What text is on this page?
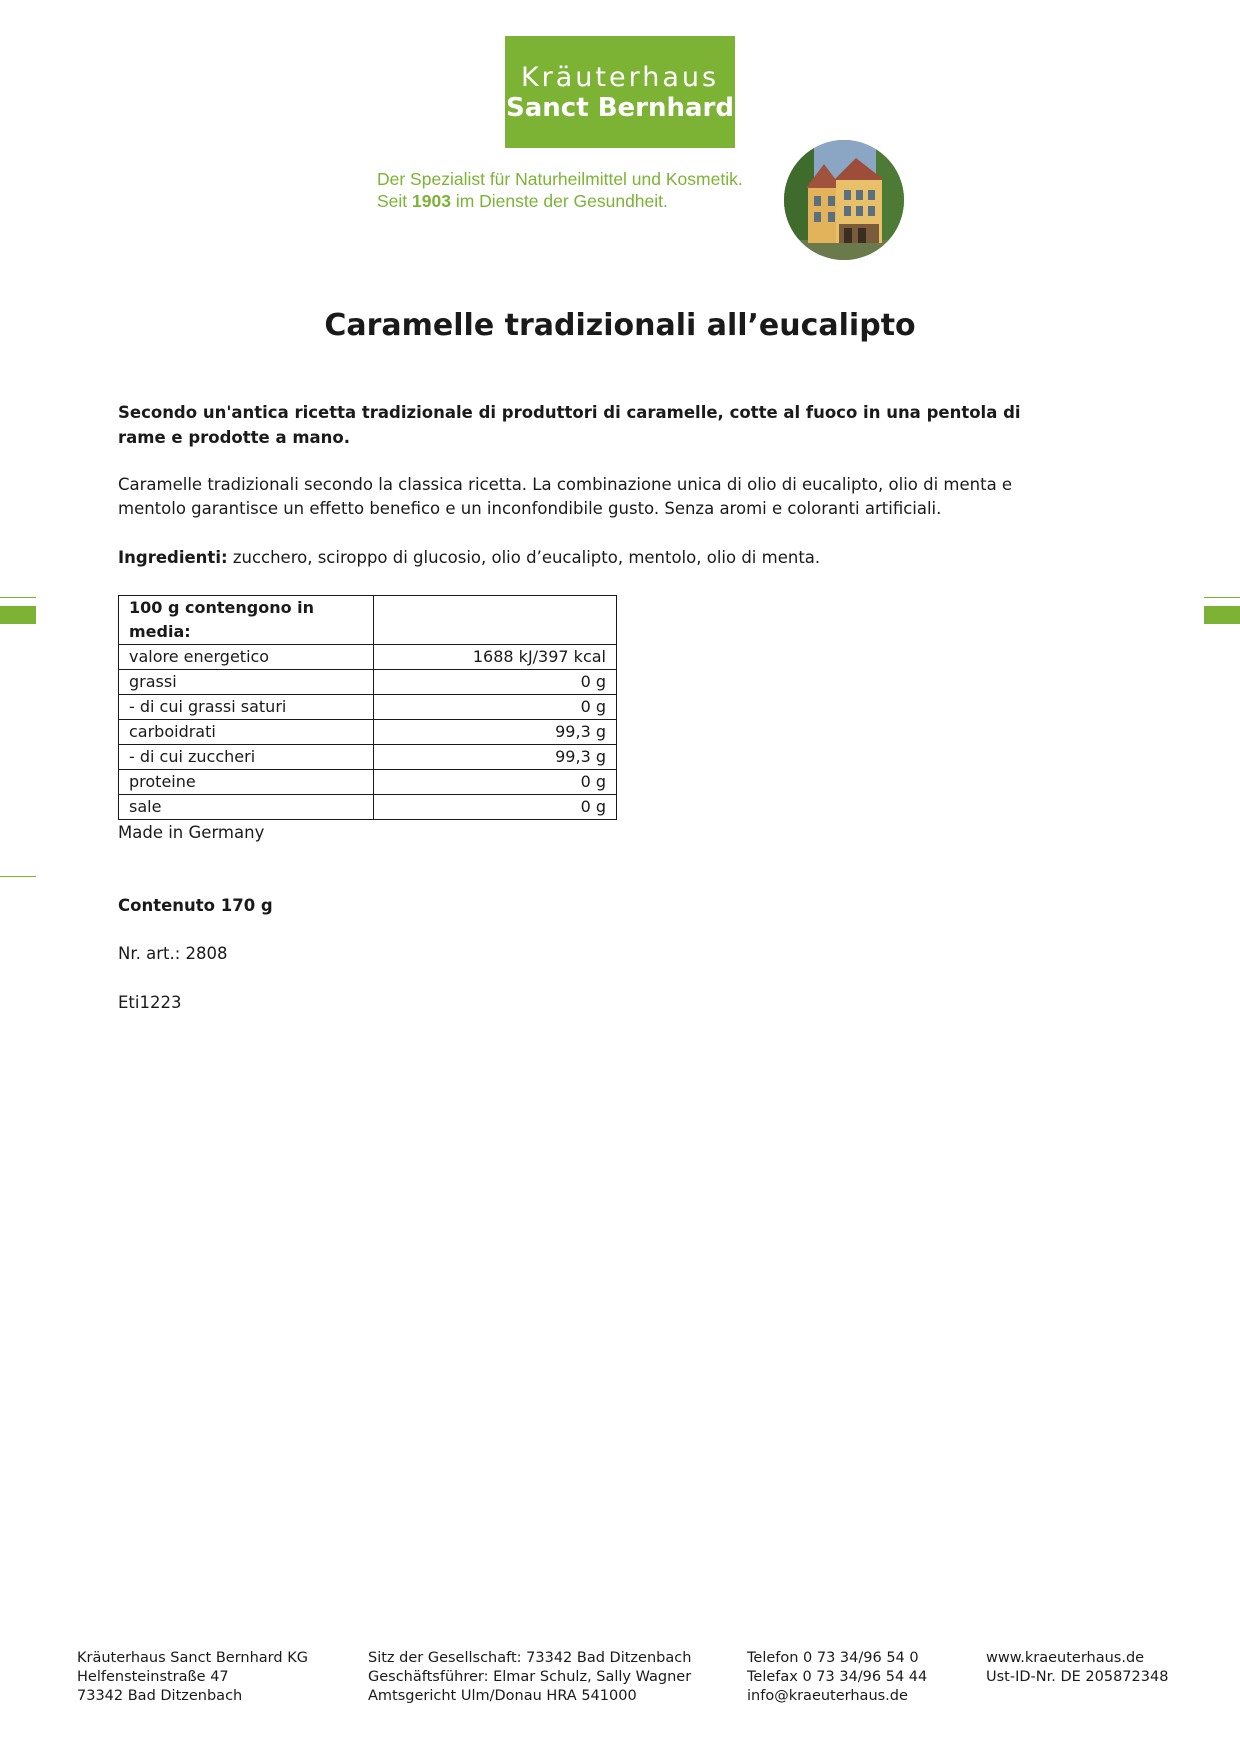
Kräuterhaus
Sanct Bernhard
Der Spezialist für Naturheilmittel und Kosmetik.
Seit 1903 im Dienste der Gesundheit.
Caramelle tradizionali all’eucalipto

Secondo un'antica ricetta tradizionale di produttori di caramelle, cotte al fuoco in una pentola di rame e prodotte a mano.

Caramelle tradizionali secondo la classica ricetta. La combinazione unica di olio di eucalipto, olio di menta e mentolo garantisce un effetto benefico e un inconfondibile gusto. Senza aromi e coloranti artificiali.

Ingredienti: zucchero, sciroppo di glucosio, olio d’eucalipto, mentolo, olio di menta.

100 g contengono in media:	
valore energetico	1688 kJ/397 kcal
grassi	0 g
- di cui grassi saturi	0 g
carboidrati	99,3 g
- di cui zuccheri	99,3 g
proteine	0 g
sale	0 g

Made in Germany

Contenuto 170 g

Nr. art.: 2808

Eti1223

Kräuterhaus Sanct Bernhard KG
Helfensteinstraße 47
73342 Bad Ditzenbach
Sitz der Gesellschaft: 73342 Bad Ditzenbach
Geschäftsführer: Elmar Schulz, Sally Wagner
Amtsgericht Ulm/Donau HRA 541000
Telefon 0 73 34/96 54 0
Telefax 0 73 34/96 54 44
info@kraeuterhaus.de
www.kraeuterhaus.de
Ust-ID-Nr. DE 205872348
